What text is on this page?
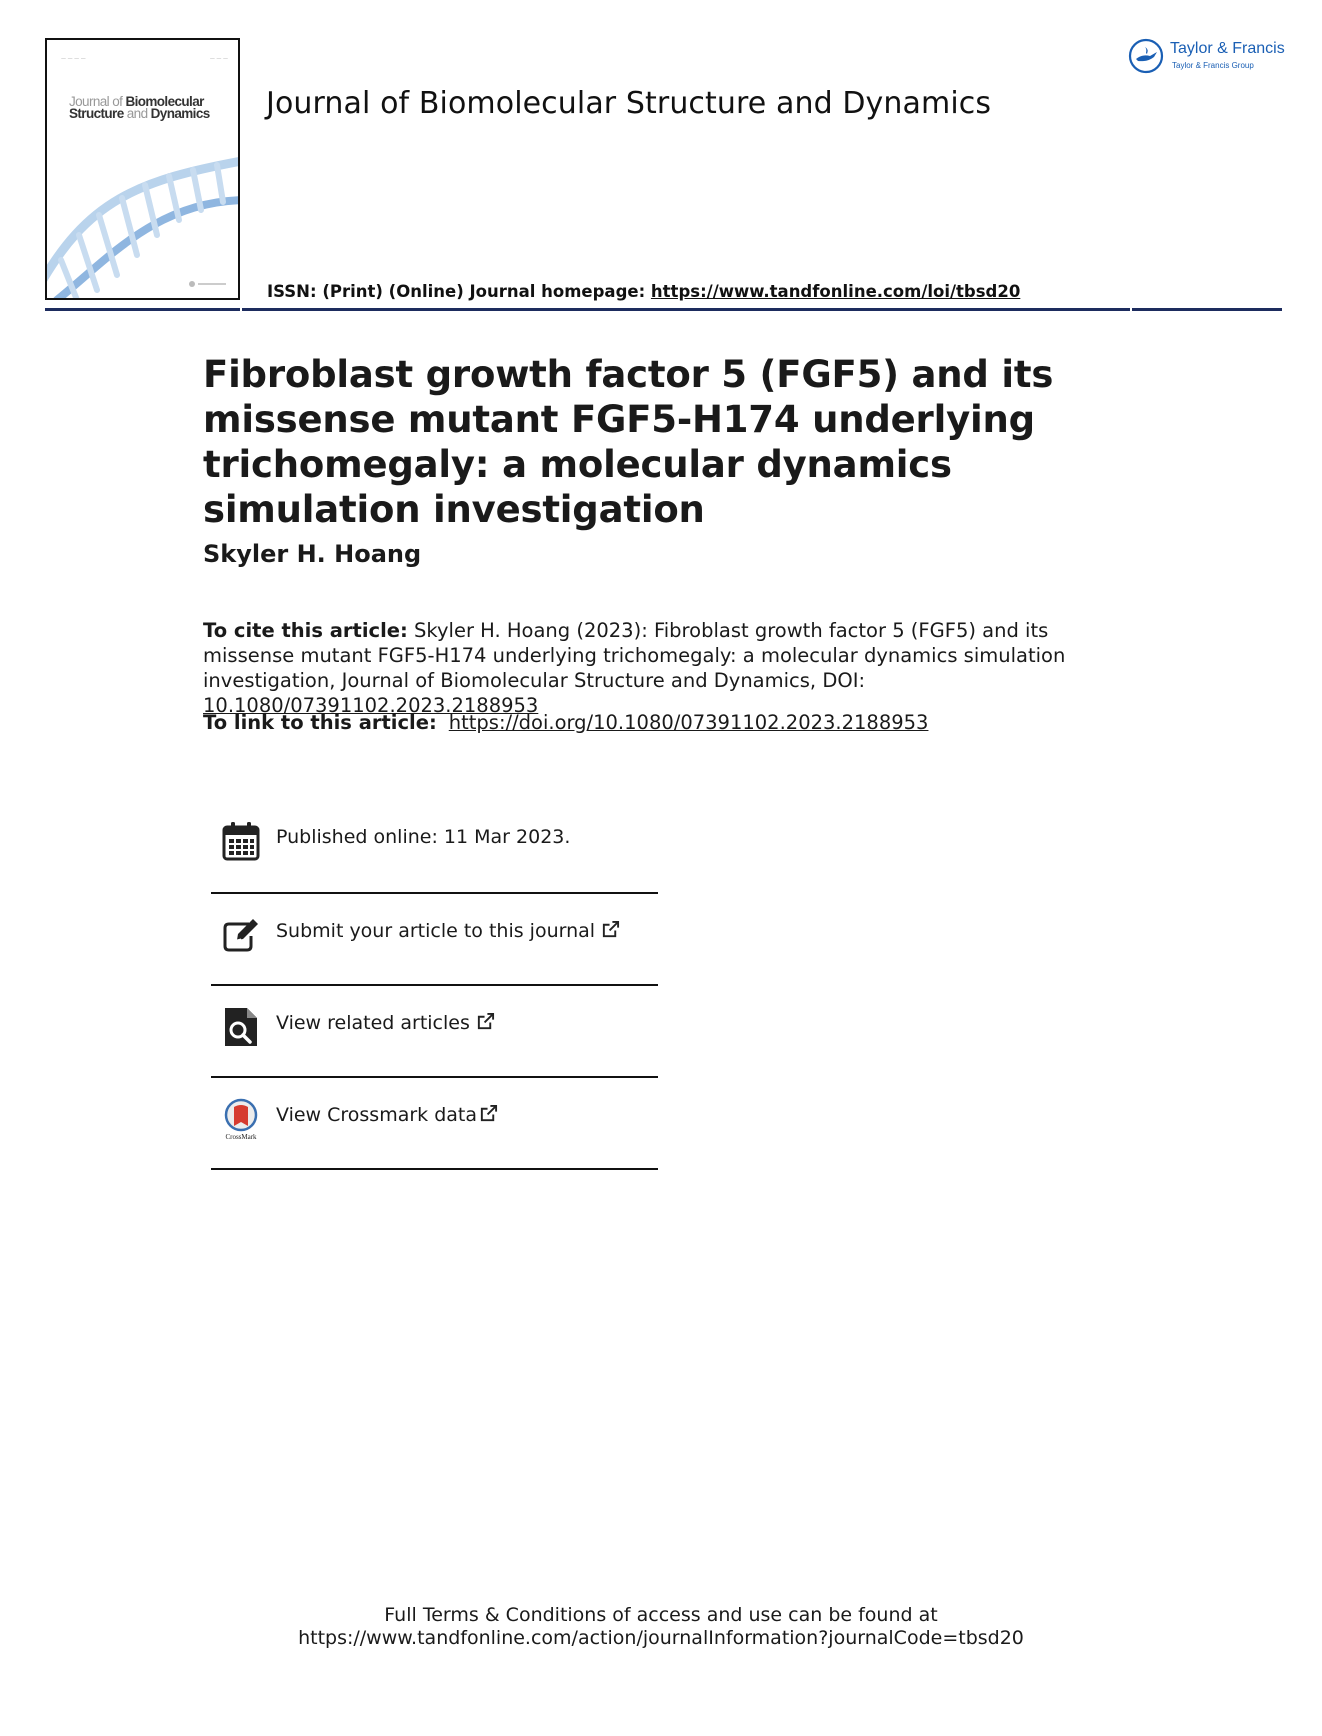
— — — —	— — —
Journal of Biomolecular
Structure and Dynamics	Journal of Biomolecular Structure and Dynamics
ISSN: (Print) (Online) Journal homepage: https://www.tandfonline.com/loi/tbsd20
Taylor & Francis
Taylor & Francis Group
Fibroblast growth factor 5 (FGF5) and its missense mutant FGF5-H174 underlying trichomegaly: a molecular dynamics simulation investigation
Skyler H. Hoang
To cite this article: Skyler H. Hoang (2023): Fibroblast growth factor 5 (FGF5) and its missense mutant FGF5-H174 underlying trichomegaly: a molecular dynamics simulation investigation, Journal of Biomolecular Structure and Dynamics, DOI: 10.1080/07391102.2023.2188953
To link to this article: https://doi.org/10.1080/07391102.2023.2188953
Published online: 11 Mar 2023.
Submit your article to this journal
View related articles
CrossMark
View Crossmark data
Full Terms & Conditions of access and use can be found at
https://www.tandfonline.com/action/journalInformation?journalCode=tbsd20
